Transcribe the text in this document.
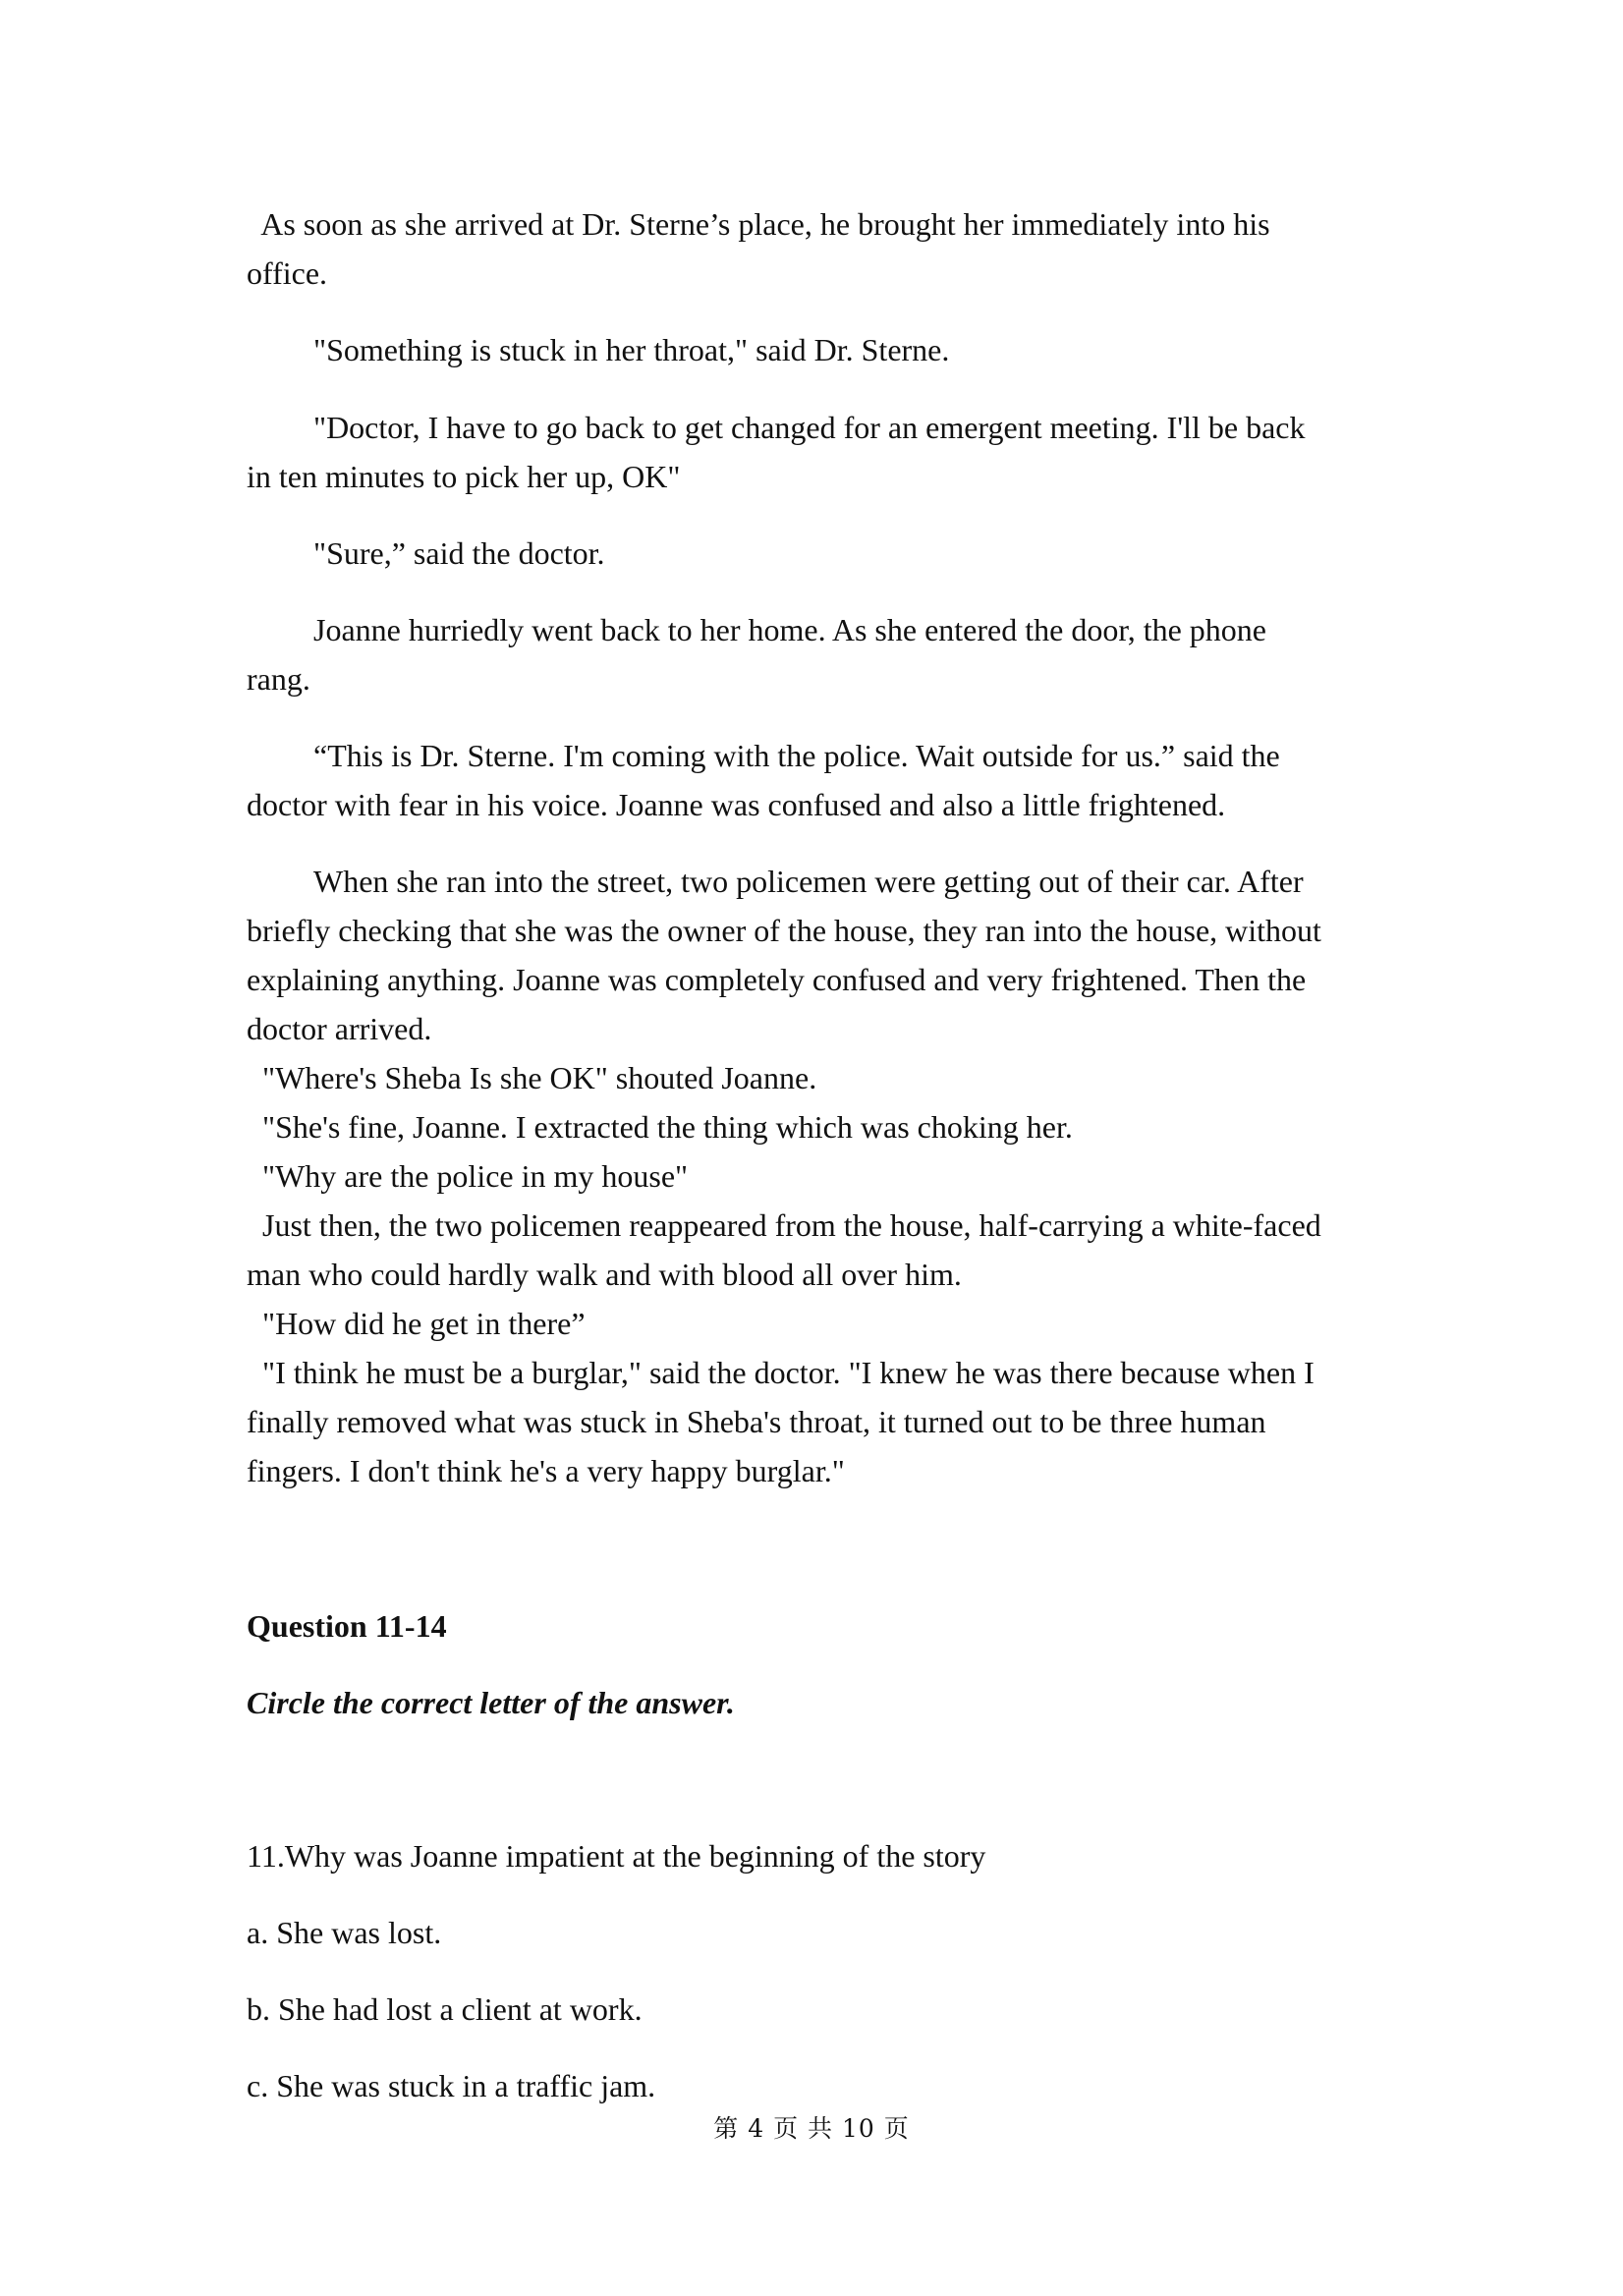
As soon as she arrived at Dr. Sterne’s place, he brought her immediately into his
office.

"Something is stuck in her throat," said Dr. Sterne.

"Doctor, I have to go back to get changed for an emergent meeting. I'll be back
in ten minutes to pick her up, OK"

"Sure,” said the doctor.

Joanne hurriedly went back to her home. As she entered the door, the phone
rang.

“This is Dr. Sterne. I'm coming with the police. Wait outside for us.” said the
doctor with fear in his voice. Joanne was confused and also a little frightened.

When she ran into the street, two policemen were getting out of their car. After
briefly checking that she was the owner of the house, they ran into the house, without
explaining anything. Joanne was completely confused and very frightened. Then the
doctor arrived.
"Where's Sheba Is she OK" shouted Joanne.
"She's fine, Joanne. I extracted the thing which was choking her.
"Why are the police in my house"
Just then, the two policemen reappeared from the house, half-carrying a white-faced
man who could hardly walk and with blood all over him.
"How did he get in there”
"I think he must be a burglar," said the doctor. "I knew he was there because when I
finally removed what was stuck in Sheba's throat, it turned out to be three human
fingers. I don't think he's a very happy burglar."

Question 11-14

Circle the correct letter of the answer.

11.Why was Joanne impatient at the beginning of the story

a. She was lost.

b. She had lost a client at work.

c. She was stuck in a traffic jam.

第 4 页 共 10 页
